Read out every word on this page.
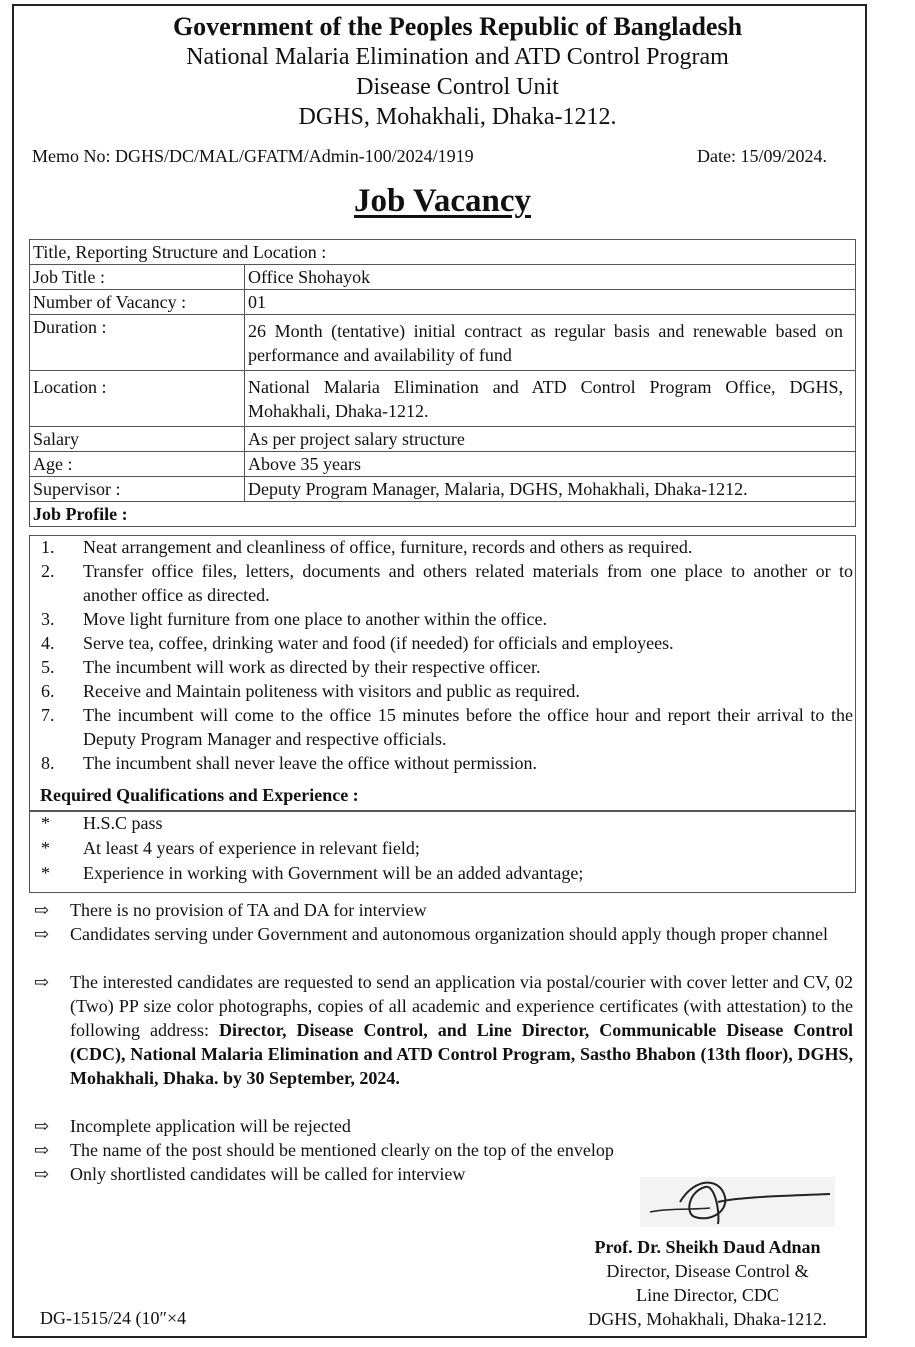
Government of the Peoples Republic of Bangladesh
National Malaria Elimination and ATD Control Program
Disease Control Unit
DGHS, Mohakhali, Dhaka-1212.
Memo No: DGHS/DC/MAL/GFATM/Admin-100/2024/1919	Date: 15/09/2024.
Job Vacancy
Title, Reporting Structure and Location :	
Job Title :	Office Shohayok
Number of Vacancy :	01
Duration :	26 Month (tentative) initial contract as regular basis and renewable based on performance and availability of fund
Location :	National Malaria Elimination and ATD Control Program Office, DGHS, Mohakhali, Dhaka-1212.
Salary	As per project salary structure
Age :	Above 35 years
Supervisor :	Deputy Program Manager, Malaria, DGHS, Mohakhali, Dhaka-1212.
Job Profile :	
1.	Neat arrangement and cleanliness of office, furniture, records and others as required.
2.	Transfer office files, letters, documents and others related materials from one place to another or to another office as directed.
3.	Move light furniture from one place to another within the office.
4.	Serve tea, coffee, drinking water and food (if needed) for officials and employees.
5.	The incumbent will work as directed by their respective officer.
6.	Receive and Maintain politeness with visitors and public as required.
7.	The incumbent will come to the office 15 minutes before the office hour and report their arrival to the Deputy Program Manager and respective officials.
8.	The incumbent shall never leave the office without permission.
Required Qualifications and Experience :
* H.S.C pass
* At least 4 years of experience in relevant field;
* Experience in working with Government will be an added advantage;
⇨ There is no provision of TA and DA for interview
⇨ Candidates serving under Government and autonomous organization should apply though proper channel
⇨ The interested candidates are requested to send an application via postal/courier with cover letter and CV, 02 (Two) PP size color photographs, copies of all academic and experience certificates (with attestation) to the following address: Director, Disease Control, and Line Director, Communicable Disease Control (CDC), National Malaria Elimination and ATD Control Program, Sastho Bhabon (13th floor), DGHS, Mohakhali, Dhaka. by 30 September, 2024.
⇨ Incomplete application will be rejected
⇨ The name of the post should be mentioned clearly on the top of the envelop
⇨ Only shortlisted candidates will be called for interview
Prof. Dr. Sheikh Daud Adnan
Director, Disease Control &
Line Director, CDC
DGHS, Mohakhali, Dhaka-1212.
DG-1515/24 (10″×4
